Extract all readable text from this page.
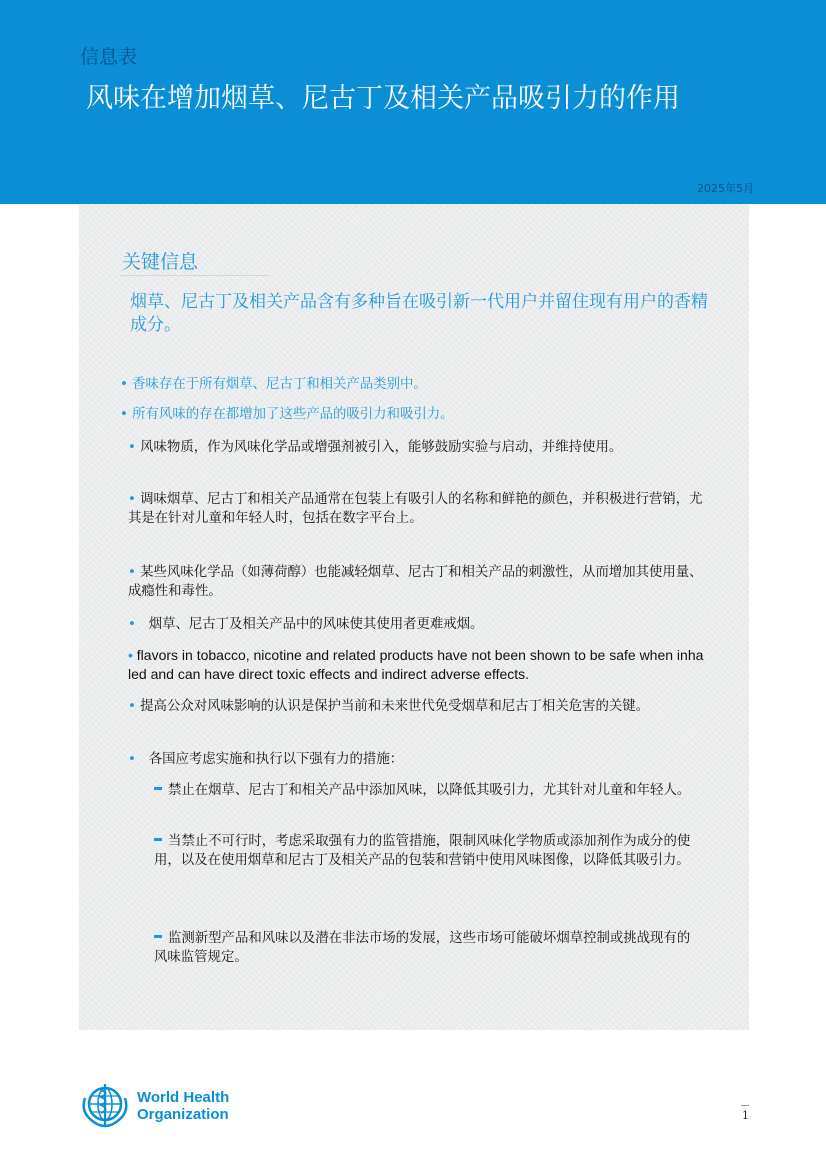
信息表
风味在增加烟草、尼古丁及相关产品吸引力的作用
2025年5月
关键信息
烟草、尼古丁及相关产品含有多种旨在吸引新一代用户并留住现有用户的香精成分。
• 香味存在于所有烟草、尼古丁和相关产品类别中。
• 所有风味的存在都增加了这些产品的吸引力和吸引力。
• 风味物质，作为风味化学品或增强剂被引入，能够鼓励实验与启动，并维持使用。
• 调味烟草、尼古丁和相关产品通常在包装上有吸引人的名称和鲜艳的颜色，并积极进行营销，尤其是在针对儿童和年轻人时，包括在数字平台上。
• 某些风味化学品（如薄荷醇）也能减轻烟草、尼古丁和相关产品的刺激性，从而增加其使用量、成瘾性和毒性。
• 烟草、尼古丁及相关产品中的风味使其使用者更难戒烟。
• flavors in tobacco, nicotine and related products have not been shown to be safe when inhaled and can have direct toxic effects and indirect adverse effects.
• 提高公众对风味影响的认识是保护当前和未来世代免受烟草和尼古丁相关危害的关键。
• 各国应考虑实施和执行以下强有力的措施：
禁止在烟草、尼古丁和相关产品中添加风味，以降低其吸引力，尤其针对儿童和年轻人。
当禁止不可行时，考虑采取强有力的监管措施，限制风味化学物质或添加剂作为成分的使用，以及在使用烟草和尼古丁及相关产品的包装和营销中使用风味图像，以降低其吸引力。
监测新型产品和风味以及潜在非法市场的发展，这些市场可能破坏烟草控制或挑战现有的风味监管规定。
World Health
Organization	1
